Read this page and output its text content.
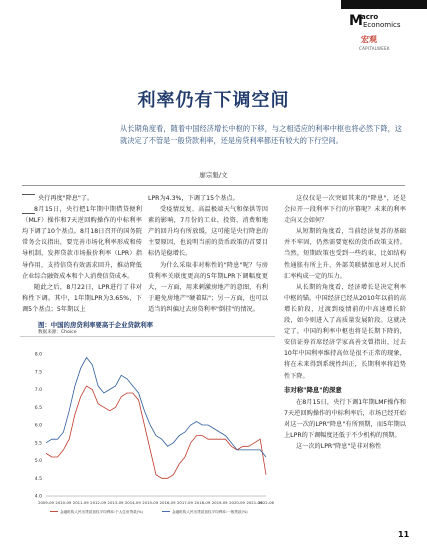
M
acro
Economics
宏观
CAPITALWEEK
利率仍有下调空间
从长期角度看，随着中国经济增长中枢的下移，与之相适应的利率中枢也将必然下降，这就决定了不管是一般贷款利率，还是房贷利率都还有较大的下行空间。
廖宗魁/文

央行再度"降息"了。

8月15日，央行把1年期中期借贷便利（MLF）操作和7天逆回购操作的中标利率均下调了10个基点。8月18日召开的国务院常务会议指出，要完善市场化利率形成和传导机制，发挥贷款市场报价利率（LPR）指导作用，支持信贷有效需求回升，推动降低企业综合融资成本和个人消费信贷成本。

随此之后，8月22日，LPR进行了非对称性下调。其中，1年期LPR为3.65%，下调5个基点；5年期以上

LPR为4.3%，下调了15个基点。

受疫情反复、高温极端天气和保供等因素的影响，7月份的工业、投资、消费和地产的回升均有所放缓，这可能是央行降息的主要原因，也说明当前的货币政策的首要目标仍是稳增长。

为什么采取非对称性的"降息"呢？与房贷利率关联度更高的5年期LPR下调幅度更大，一方面，用来刺激房地产的意图，有利于避免房地产"硬着陆"；另一方面，也可以适当的纠偏过去房贷利率"倒挂"的情况。

这仅仅是一次突如其来的"降息"，还是会拉开一段利率下行的序幕呢？未来的利率走向又会如何？

从短期的角度看，当前经济复苏的基础并不牢固，仍然需要宽松的货币政策支持。当然，短期政策也受到一些约束，比如结构性通胀有所上升、外部美联储加息对人民币汇率构成一定的压力。

从长期的角度看，经济增长是决定利率中枢的锚。中国经济已经从2010年以前的高增长阶段，过渡到疫情前的中高速增长阶段，如今则进入了高质量发展阶段。这就决定了，中国的利率中枢也将是长期下降的，安信证券首席经济学家高善文曾指出，过去10年中国利率维持高位是很不正常的现象，将在未来得到系统性纠正，长期利率将趋势性下降。

非对称"降息"的深意

在8月15日，央行下调1年期LMF操作和7天逆回购操作的中标利率后，市场已经开始对这一次的LPR"降息"有所预期，而5年期以上LPR的下调幅度还低于不少机构的预期。

这一次的LPR"降息"是非对称性

图：中国的房贷利率要高于企业贷款利率
数据来源：Choice
4.0
4.5
5.0
5.5
6.0
6.5
7.0
7.5
8.0
2009-09 2010-09 2011-09 2012-09 2013-09 2014-09 2015-09 2016-09 2017-09 2018-09 2019-09 2020-09 2021-09
2022-06
金融机构人民币贷款加权平均利率:个人住房贷款(%)	金融机构人民币贷款加权平均利率:一般贷款(%)
11
